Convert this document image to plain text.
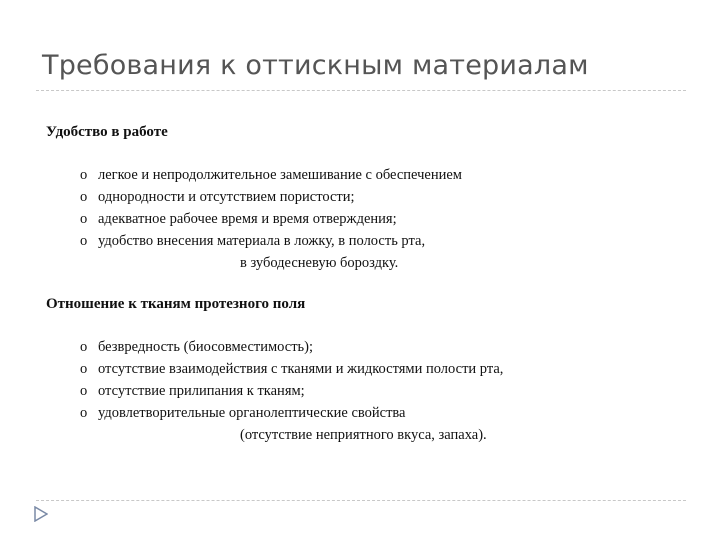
Требования к оттискным материалам
Удобство в работе
o легкое и непродолжительное замешивание с обеспечением
o однородности и отсутствием пористости;
o адекватное рабочее время и время отверждения;
o удобство внесения материала в ложку, в полость рта,
в зубодесневую бороздку.
Отношение к тканям протезного поля
o безвредность (биосовместимость);
o отсутствие взаимодействия с тканями и жидкостями полости рта,
o отсутствие прилипания к тканям;
o удовлетворительные органолептические свойства
(отсутствие неприятного вкуса, запаха).
